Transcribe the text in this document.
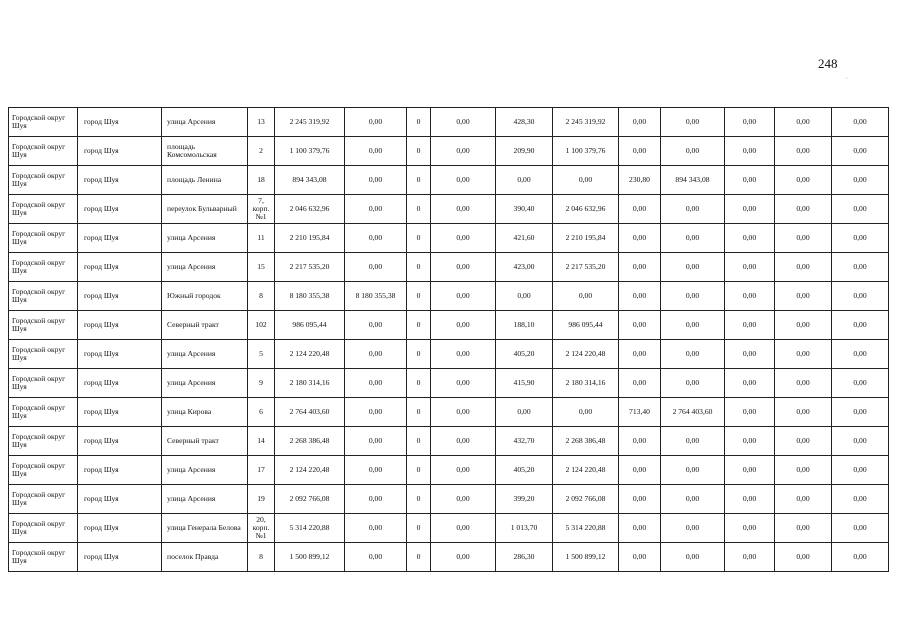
248
·
Городской округ Шуя	город Шуя	улица Арсения	13	2 245 319,92	0,00	0	0,00	428,30	2 245 319,92	0,00	0,00	0,00	0,00	0,00
Городской округ Шуя	город Шуя	площадь Комсомольская	2	1 100 379,76	0,00	0	0,00	209,90	1 100 379,76	0,00	0,00	0,00	0,00	0,00
Городской округ Шуя	город Шуя	площадь Ленина	18	894 343,08	0,00	0	0,00	0,00	0,00	230,80	894 343,08	0,00	0,00	0,00
Городской округ Шуя	город Шуя	переулок Бульварный	7, корп. №1	2 046 632,96	0,00	0	0,00	390,40	2 046 632,96	0,00	0,00	0,00	0,00	0,00
Городской округ Шуя	город Шуя	улица Арсения	11	2 210 195,84	0,00	0	0,00	421,60	2 210 195,84	0,00	0,00	0,00	0,00	0,00
Городской округ Шуя	город Шуя	улица Арсения	15	2 217 535,20	0,00	0	0,00	423,00	2 217 535,20	0,00	0,00	0,00	0,00	0,00
Городской округ Шуя	город Шуя	Южный городок	8	8 180 355,38	8 180 355,38	0	0,00	0,00	0,00	0,00	0,00	0,00	0,00	0,00
Городской округ Шуя	город Шуя	Северный тракт	102	986 095,44	0,00	0	0,00	188,10	986 095,44	0,00	0,00	0,00	0,00	0,00
Городской округ Шуя	город Шуя	улица Арсения	5	2 124 220,48	0,00	0	0,00	405,20	2 124 220,48	0,00	0,00	0,00	0,00	0,00
Городской округ Шуя	город Шуя	улица Арсения	9	2 180 314,16	0,00	0	0,00	415,90	2 180 314,16	0,00	0,00	0,00	0,00	0,00
Городской округ Шуя	город Шуя	улица Кирова	6	2 764 403,60	0,00	0	0,00	0,00	0,00	713,40	2 764 403,60	0,00	0,00	0,00
Городской округ Шуя	город Шуя	Северный тракт	14	2 268 386,48	0,00	0	0,00	432,70	2 268 386,48	0,00	0,00	0,00	0,00	0,00
Городской округ Шуя	город Шуя	улица Арсения	17	2 124 220,48	0,00	0	0,00	405,20	2 124 220,48	0,00	0,00	0,00	0,00	0,00
Городской округ Шуя	город Шуя	улица Арсения	19	2 092 766,08	0,00	0	0,00	399,20	2 092 766,08	0,00	0,00	0,00	0,00	0,00
Городской округ Шуя	город Шуя	улица Генерала Белова	20, корп. №1	5 314 220,88	0,00	0	0,00	1 013,70	5 314 220,88	0,00	0,00	0,00	0,00	0,00
Городской округ Шуя	город Шуя	поселок Правда	8	1 500 899,12	0,00	0	0,00	286,30	1 500 899,12	0,00	0,00	0,00	0,00	0,00
